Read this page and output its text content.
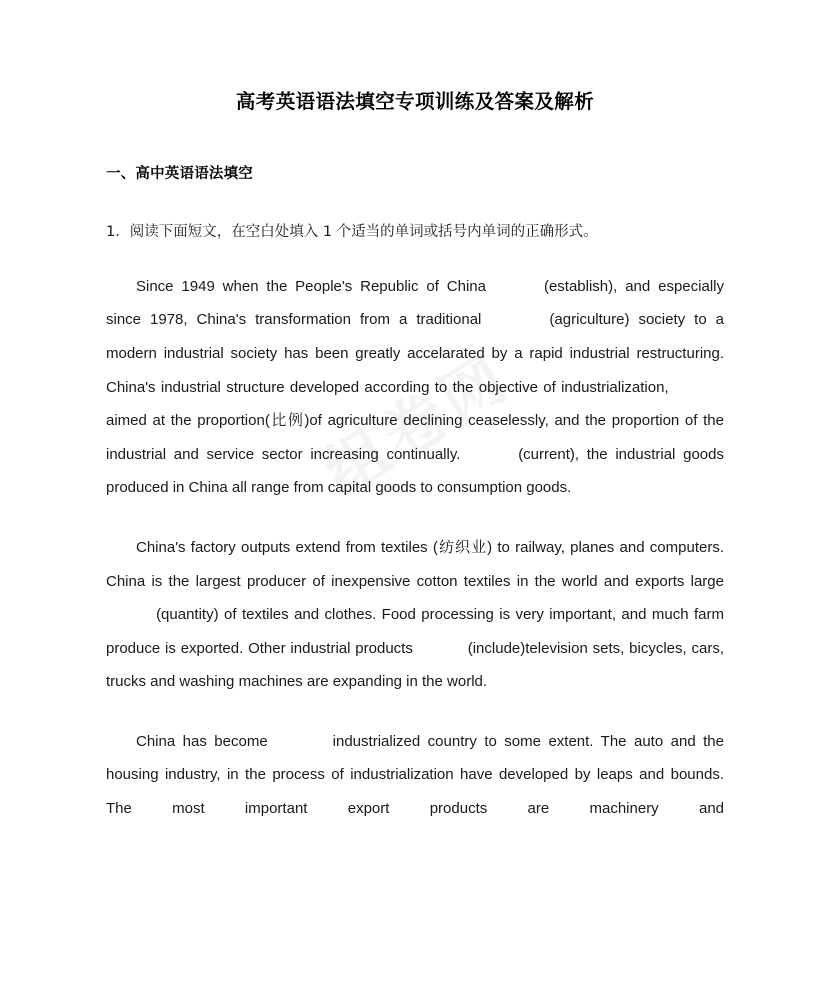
高考英语语法填空专项训练及答案及解析
一、高中英语语法填空

1．阅读下面短文，在空白处填入 1 个适当的单词或括号内单词的正确形式。

Since 1949 when the People's Republic of China	(establish), and especially since 1978, China's transformation from a traditional	(agriculture) society to a modern industrial society has been greatly accelarated by a rapid industrial restructuring. China's industrial structure developed according to the objective of industrialization, aimed at the proportion(比例)of agriculture declining ceaselessly, and the proportion of the industrial and service sector increasing continually.	(current), the industrial goods produced in China all range from capital goods to consumption goods.

China's factory outputs extend from textiles (纺织业) to railway, planes and computers. China is the largest producer of inexpensive cotton textiles in the world and exports large (quantity) of textiles and clothes. Food processing is very important, and much farm produce is exported. Other industrial products	(include)television sets, bicycles, cars, trucks and washing machines are expanding in the world.

China has become	industrialized country to some extent. The auto and the housing industry, in the process of industrialization have developed by leaps and bounds. The most important export products are machinery and
